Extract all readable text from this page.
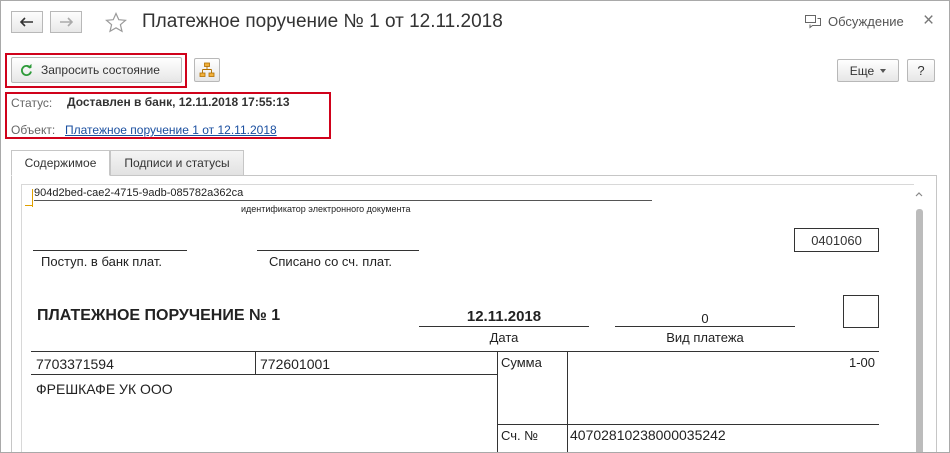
Платежное поручение № 1 от 12.11.2018	Обсуждение ×
Запросить состояние	Еще	?
Статус: Доставлен в банк, 12.11.2018 17:55:13
Объект: Платежное поручение 1 от 12.11.2018
Содержимое	Подписи и статусы
904d2bed-cae2-4715-9adb-085782a362ca
идентификатор электронного документа
Поступ. в банк плат.	Списано со сч. плат.
0401060
ПЛАТЕЖНОЕ ПОРУЧЕНИЕ № 1	12.11.2018
Дата
0
Вид платежа
7703371594	772601001
ФРЕШКАФЕ УК ООО
Сумма	1-00
Сч. № 40702810238000035242
